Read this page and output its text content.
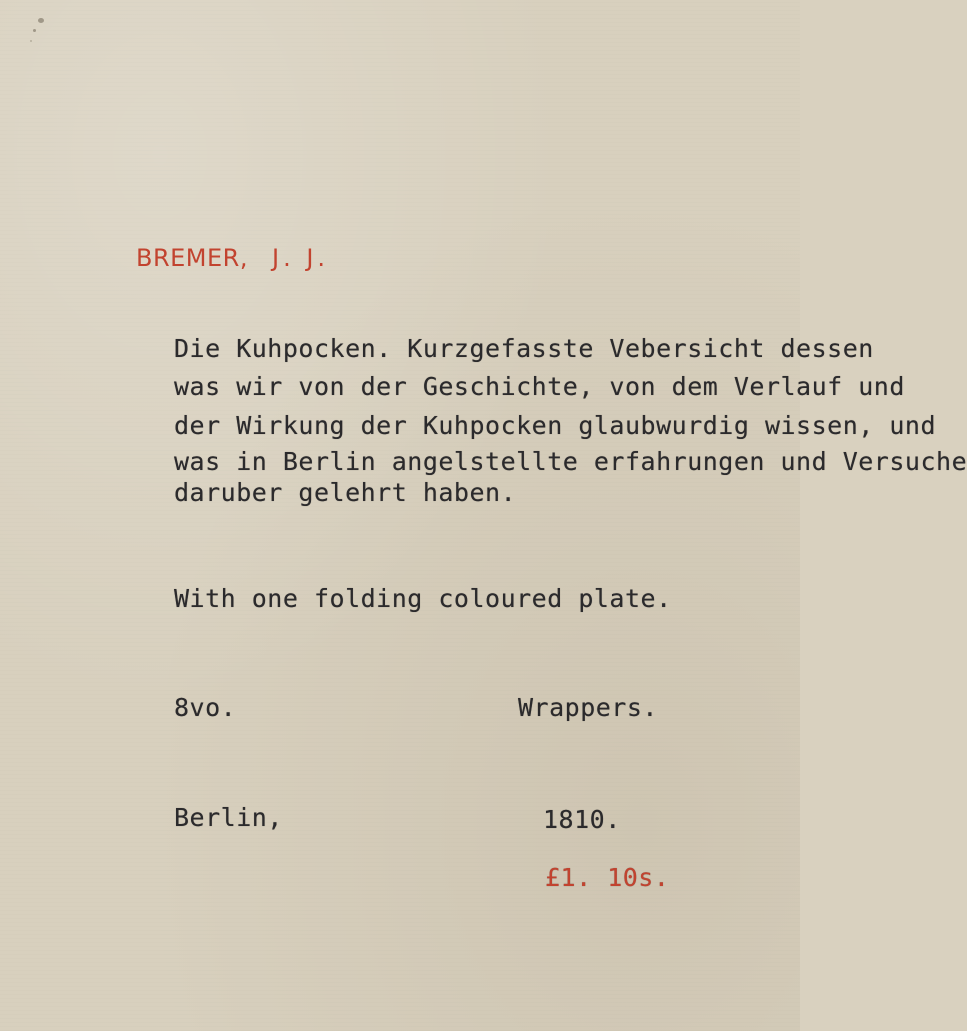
BREMER, J. J.
Die Kuhpocken. Kurzgefasste Vebersicht dessen
was wir von der Geschichte, von dem Verlauf und
der Wirkung der Kuhpocken glaubwurdig wissen, und
was in Berlin angelstellte erfahrungen und Versuche
daruber gelehrt haben.
With one folding coloured plate.
8vo.	Wrappers.
Berlin,	1810.
£1. 10s.
